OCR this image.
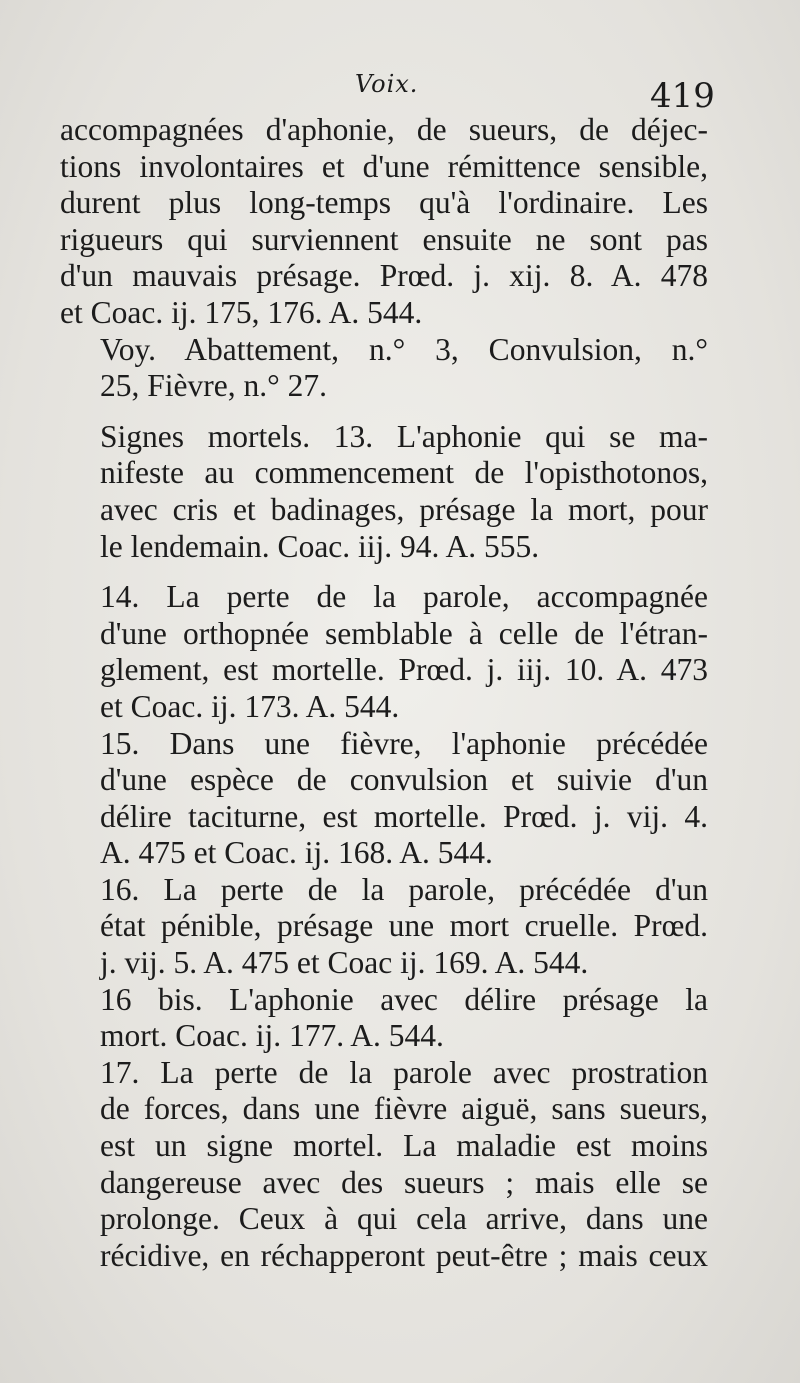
Voix.	419

accompagnées d'aphonie, de sueurs, de déjec-
tions involontaires et d'une rémittence sensible,
durent plus long-temps qu'à l'ordinaire. Les
rigueurs qui surviennent ensuite ne sont pas
d'un mauvais présage. Prœd. j. xij. 8. A. 478
et Coac. ij. 175, 176. A. 544.

Voy. Abattement, n.° 3, Convulsion, n.°
25, Fièvre, n.° 27.

Signes mortels. 13. L'aphonie qui se ma-
nifeste au commencement de l'opisthotonos,
avec cris et badinages, présage la mort, pour
le lendemain. Coac. iij. 94. A. 555.

14. La perte de la parole, accompagnée
d'une orthopnée semblable à celle de l'étran-
glement, est mortelle. Prœd. j. iij. 10. A. 473
et Coac. ij. 173. A. 544.

15. Dans une fièvre, l'aphonie précédée
d'une espèce de convulsion et suivie d'un
délire taciturne, est mortelle. Prœd. j. vij. 4.
A. 475 et Coac. ij. 168. A. 544.

16. La perte de la parole, précédée d'un
état pénible, présage une mort cruelle. Prœd.
j. vij. 5. A. 475 et Coac ij. 169. A. 544.

16 bis. L'aphonie avec délire présage la
mort. Coac. ij. 177. A. 544.

17. La perte de la parole avec prostration
de forces, dans une fièvre aiguë, sans sueurs,
est un signe mortel. La maladie est moins
dangereuse avec des sueurs ; mais elle se
prolonge. Ceux à qui cela arrive, dans une
récidive, en réchapperont peut-être ; mais ceux
